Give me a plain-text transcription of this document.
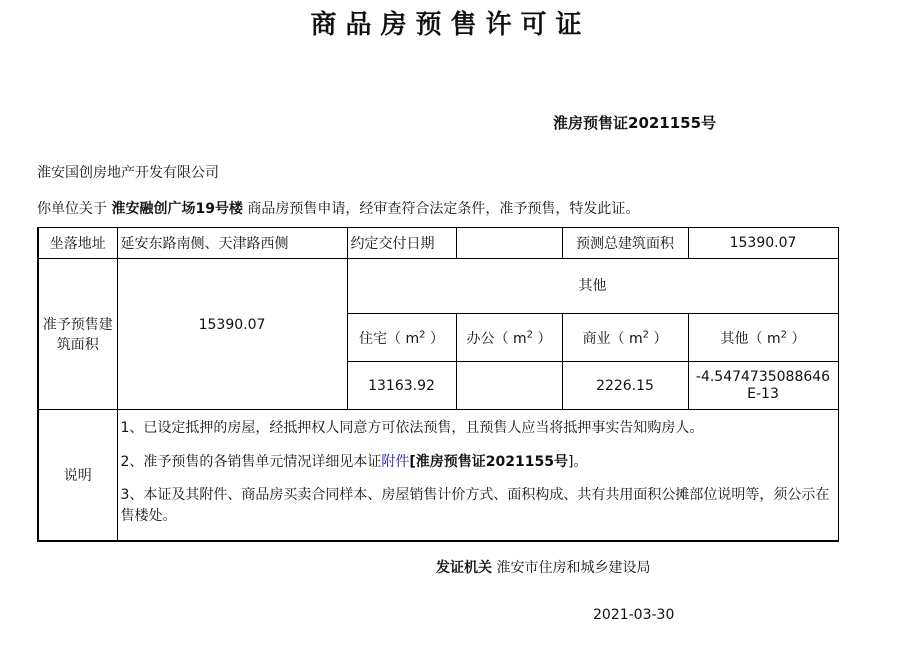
商品房预售许可证
淮房预售证2021155号
淮安国创房地产开发有限公司
你单位关于 淮安融创广场19号楼 商品房预售申请，经审查符合法定条件，准予预售，特发此证。
坐落地址	延安东路南侧、天津路西侧	约定交付日期		预测总建筑面积	15390.07
准予预售建筑面积	15390.07	其他			
		住宅（ $m^2$ ）	办公（ $m^2$ ）	商业（ $m^2$ ）	其他（ $m^2$ ）
		13163.92		2226.15	-4.5474735088646E-13
说明	1、已设定抵押的房屋，经抵押权人同意方可依法预售，且预售人应当将抵押事实告知购房人。
2、准予预售的各销售单元情况详细见本证附件[淮房预售证2021155号]。
3、本证及其附件、商品房买卖合同样本、房屋销售计价方式、面积构成、共有共用面积公摊部位说明等，须公示在售楼处。				
发证机关 淮安市住房和城乡建设局
2021-03-30
